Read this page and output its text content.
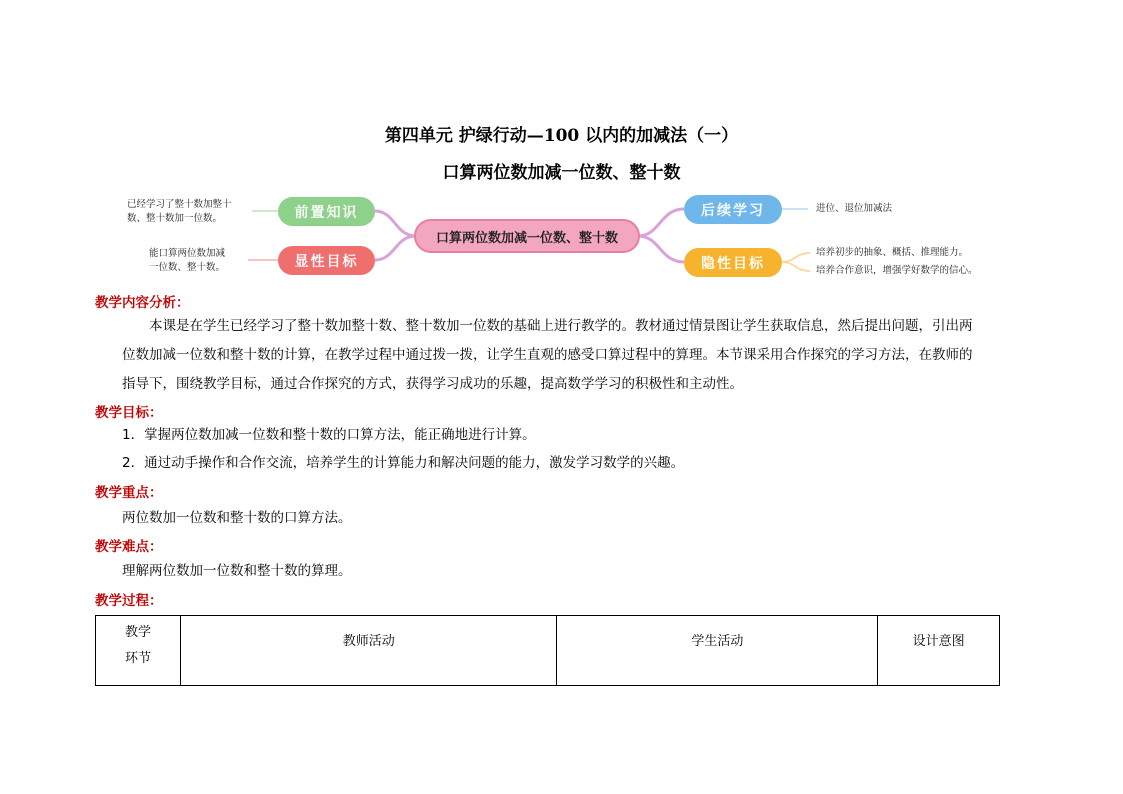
第四单元 护绿行动—100 以内的加减法（一）
口算两位数加减一位数、整十数
口算两位数加减一位数、整十数
前置知识
显性目标
后续学习
隐性目标
已经学习了整十数加整十
数、整十数加一位数。
能口算两位数加减
一位数、整十数。
进位、退位加减法
培养初步的抽象、概括、推理能力。
培养合作意识，增强学好数学的信心。
教学内容分析：
本课是在学生已经学习了整十数加整十数、整十数加一位数的基础上进行教学的。教材通过情景图让学生获取信息，然后提出问题，引出两
位数加减一位数和整十数的计算，在教学过程中通过拨一拨，让学生直观的感受口算过程中的算理。本节课采用合作探究的学习方法，在教师的
指导下，围绕教学目标，通过合作探究的方式，获得学习成功的乐趣，提高数学学习的积极性和主动性。
教学目标：
1．掌握两位数加减一位数和整十数的口算方法，能正确地进行计算。
2．通过动手操作和合作交流，培养学生的计算能力和解决问题的能力，激发学习数学的兴趣。
教学重点：
两位数加一位数和整十数的口算方法。
教学难点：
理解两位数加一位数和整十数的算理。
教学过程：
教学
环节
	教师活动	学生活动	设计意图
